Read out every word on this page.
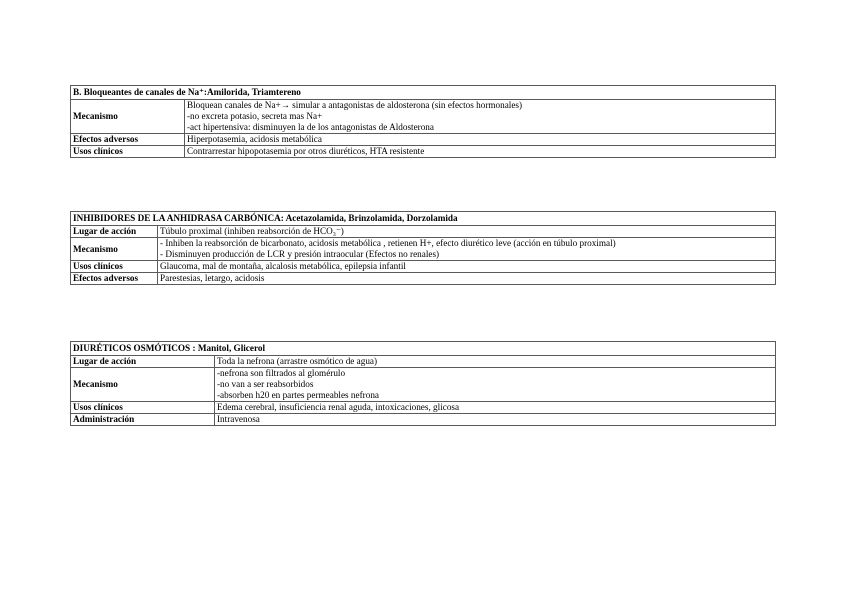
B. Bloqueantes de canales de Na⁺:Amilorida, Triamtereno	
Mecanismo	Bloquean canales de Na+→ simular a antagonistas de aldosterona (sin efectos hormonales)
-no excreta potasio, secreta mas Na+
-act hipertensiva: disminuyen la de los antagonistas de Aldosterona

Efectos adversos	Hiperpotasemia, acidosis metabólica
Usos clínicos	Contrarrestar hipopotasemia por otros diuréticos, HTA resistente
INHIBIDORES DE LA ANHIDRASA CARBÓNICA: Acetazolamida, Brinzolamida, Dorzolamida	
Lugar de acción	Túbulo proximal (inhiben reabsorción de HCO₃⁻)
Mecanismo	- Inhiben la reabsorción de bicarbonato, acidosis metabólica , retienen H+, efecto diurético leve (acción en túbulo proximal)
- Disminuyen producción de LCR y presión intraocular (Efectos no renales)

Usos clínicos	Glaucoma, mal de montaña, alcalosis metabólica, epilepsia infantil
Efectos adversos	Parestesias, letargo, acidosis
DIURÉTICOS OSMÓTICOS : Manitol, Glicerol	
Lugar de acción	Toda la nefrona (arrastre osmótico de agua)
Mecanismo	-nefrona son filtrados al glomérulo
-no van a ser reabsorbidos
-absorben h20 en partes permeables nefrona

Usos clínicos	Edema cerebral, insuficiencia renal aguda, intoxicaciones, glicosa
Administración	Intravenosa
